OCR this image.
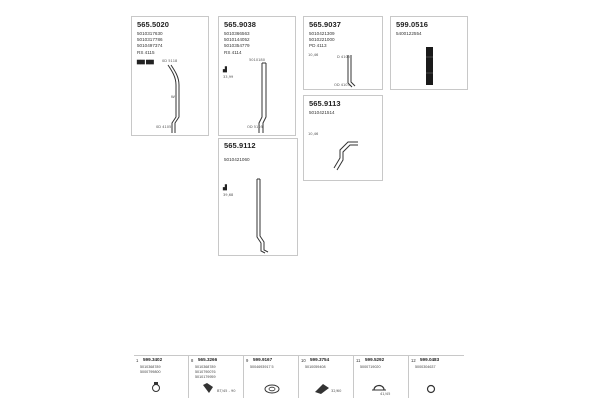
565.5020
5010317630
5010317786
5010497374
RS 4115
▆▆ ▆▆
W
0D 5118
0D 4105
565.9038
5010366563
5010144052
5010354779
RS 4114
▟
33,99
5010180
OD 5105
565.9037
5010421309
5010221000
PD 4113
10,46	D 4105
OD 4105
599.0516
5400122554
565.9113
5010421514
10,46
565.9112
5010421060
▟
39,68
1 599.3402
5010368789
5000799800
8 565.3266
5010368789
5010790076
5010179959
BT/45 - 90
9 599.9167
5004693917 5
10 599.3754
5010059408
32/60
11 599.5292
5000719020
41/45
12 599.0483
5000304637
